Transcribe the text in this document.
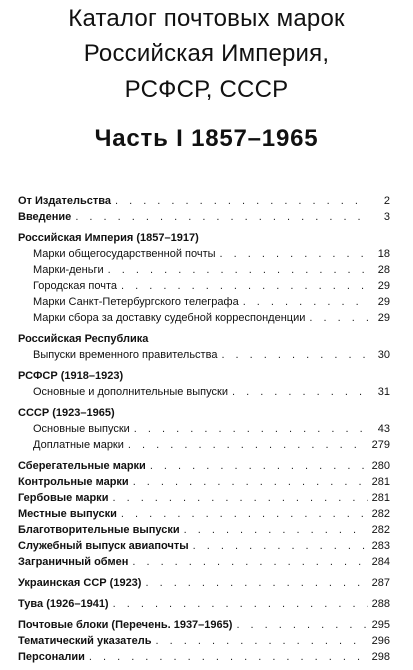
Каталог почтовых марок
Российская Империя,
РСФСР, СССР
Часть I 1857–1965
От Издательства . . .	2
Введение . . .	3
Российская Империя (1857–1917)
Марки общегосударственной почты . . .	18
Марки-деньги . . .	28
Городская почта . . .	29
Марки Санкт-Петербургского телеграфа . . .	29
Марки сбора за доставку судебной корреспонденции . . .	29
Российская Республика
Выпуски временного правительства . . .	30
РСФСР (1918–1923)
Основные и дополнительные выпуски . . .	31
СССР (1923–1965)
Основные выпуски . . .	43
Доплатные марки . . .	279
Сберегательные марки . . .	280
Контрольные марки . . .	281
Гербовые марки . . .	281
Местные выпуски . . .	282
Благотворительные выпуски . . .	282
Служебный выпуск авиапочты . . .	283
Заграничный обмен . . .	284
Украинская ССР (1923) . . .	287
Тува (1926–1941) . . .	288
Почтовые блоки (Перечень. 1937–1965) . . .	295
Тематический указатель . . .	296
Персоналии . . .	298
